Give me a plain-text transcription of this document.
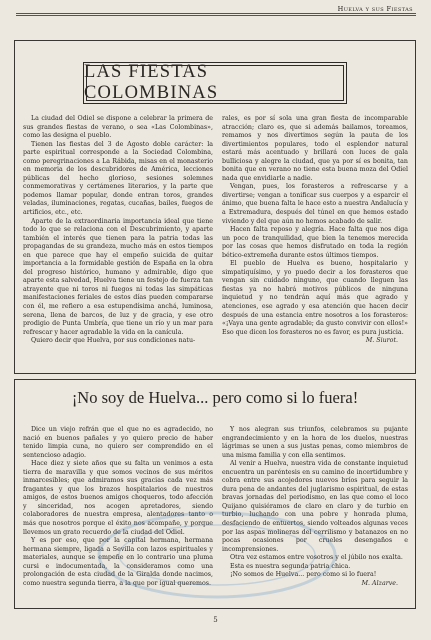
Huelva y sus Fiestas
LAS FIESTAS COLOMBINAS

La ciudad del Odiel se dispone a celebrar la primera de sus grandes fiestas de verano, o sea «Las Colombinas», como las designa el pueblo.

Tienen las fiestas del 3 de Agosto doble carácter: la parte espiritual corresponde a la Sociedad Colombina, como peregrinaciones a La Rábida, misas en el monasterio en memoria de los descubridores de América, lecciones públicas del hecho glorioso, sesiones solemnes conmemorativas y certámenes literarios, y la parte que podemos llamar popular, donde entran toros, grandes veladas, iluminaciones, regatas, cucañas, bailes, fuegos de artificios, etc., etc.

Aparte de la extraordinaria importancia ideal que tiene todo lo que se relaciona con el Descubrimiento, y aparte también el interés que tienen para la patria todas las propagandas de su grandeza, mucho más en estos tiempos en que parece que hay el empeño suicida de quitar importancia a la formidable gestión de España en la obra del progreso histórico, humano y admirable, digo que aparte esta salvedad, Huelva tiene un festejo de fuerza tan atrayente que ni toros ni fuegos ni todas las simpáticas manifestaciones feriales de estos días pueden compararse con él, me refiero a esa estupendísima anchá, luminosa, serena, llena de barcos, de luz y de gracia, y ese otro prodigio de Punta Umbría, que tiene un río y un mar para refrescar y hacer agradable la vida en la canícula.

Quiero decir que Huelva, por sus condiciones natu-

rales, es por sí sola una gran fiesta de incomparable atracción; claro es, que si además bailamos, toreamos, remamos y nos divertimos según la pauta de los divertimientos populares, todo el esplendor natural estará más acentuado y brillará con luces de gala bulliciosa y alegre la ciudad, que ya por sí es bonita, tan bonita que en verano no tiene esta buena moza del Odiel nada que envidiarle a nadie.

Vengan, pues, los forasteros a refrescarse y a divertirse; vengan a tonificar sus cuerpos y a esparcir el ánimo, que buena falta le hace esto a nuestra Andalucía y a Extremadura, después del túnel en que hemos estado viviendo y del que aún no hemos acabado de salir.

Hacen falta reposo y alegría. Hace falta que nos diga un poco de tranquilidad, que bien la tenemos merecida por las cosas que hemos disfrutado en toda la región bético-extremeña durante estos últimos tiempos.

El pueblo de Huelva es bueno, hospitalario y simpatiquísimo, y yo puedo decir a los forasteros que vengan sin cuidado ninguno, que cuando lleguen las fiestas ya no habrá motivos públicos de ninguna inquietud y no tendrán aquí más que agrado y atenciones, ese agrado y esa atención que hacen decir después de una estancia entre nosotros a los forasteros: «¡Vaya una gente agradable; da gusto convivir con ellos!» Eso que dicen los forasteros no es favor, es pura justicia.

M. Siurot.

¡No soy de Huelva... pero como si lo fuera!

Dice un viejo refrán que el que no es agradecido, no nació en buenos pañales y yo quiero precio de haber tenido limpia cuna, no quiero ser comprendido en el sentencioso adagio.

Hace diez y siete años que su falta un venimos a esta tierra de maravilla y que somos vecinos de sus méritos inmarcesibles; que admiramos sus gracias cada vez más fragantes y que los brazos hospitalarios de nuestros amigos, de estos buenos amigos choqueros, todo afección y sinceridad, nos acogen apretadores, siendo colaboradores de nuestra empresa, alentadores tanto o más que nosotros porque el éxito nos acompañe, y porque llevemos un grato recuerdo de la ciudad del Odiel.

Y es por eso, que por la capital hermana, hermana hermana siempre, ligada a Sevilla con lazos espirituales y materiales, aunque se empeñe en lo contrario una pluma cursi e indocumentada, la consideramos como una prolongación de esta ciudad de la Giralda donde nacimos, como nuestra segunda tierra, a la que por igual queremos.

Y nos alegran sus triunfos, celebramos su pujante engrandecimiento y en la hora de los duelos, nuestras lágrimas se unen a sus justas penas, como miembros de una misma familia y con ella sentimos.

Al venir a Huelva, nuestra vida de constante inquietud encuentra un paréntesis en su camino de incertidumbre y cobra entre sus acojedores nuevos bríos para seguir la dura pena de andantes del juglarismo espiritual, de estas bravas jornadas del periodismo, en las que como el loco Quijano quisiéramos de claro en claro y de turbio en turbio, luchando con una pobre y honrada pluma, desfaciendo de entuertos, siendo volteados algunas veces por las aspas molineras del cerrilismo y batanazos en no pocas ocasiones por crueles desengaños e incomprensiones.

Otra vez estamos entre vosotros y el júbilo nos exalta.

Esta es nuestra segunda patria chica.

¡No somos de Huelva... pero como si lo fuera!

M. Alzarve.

5
